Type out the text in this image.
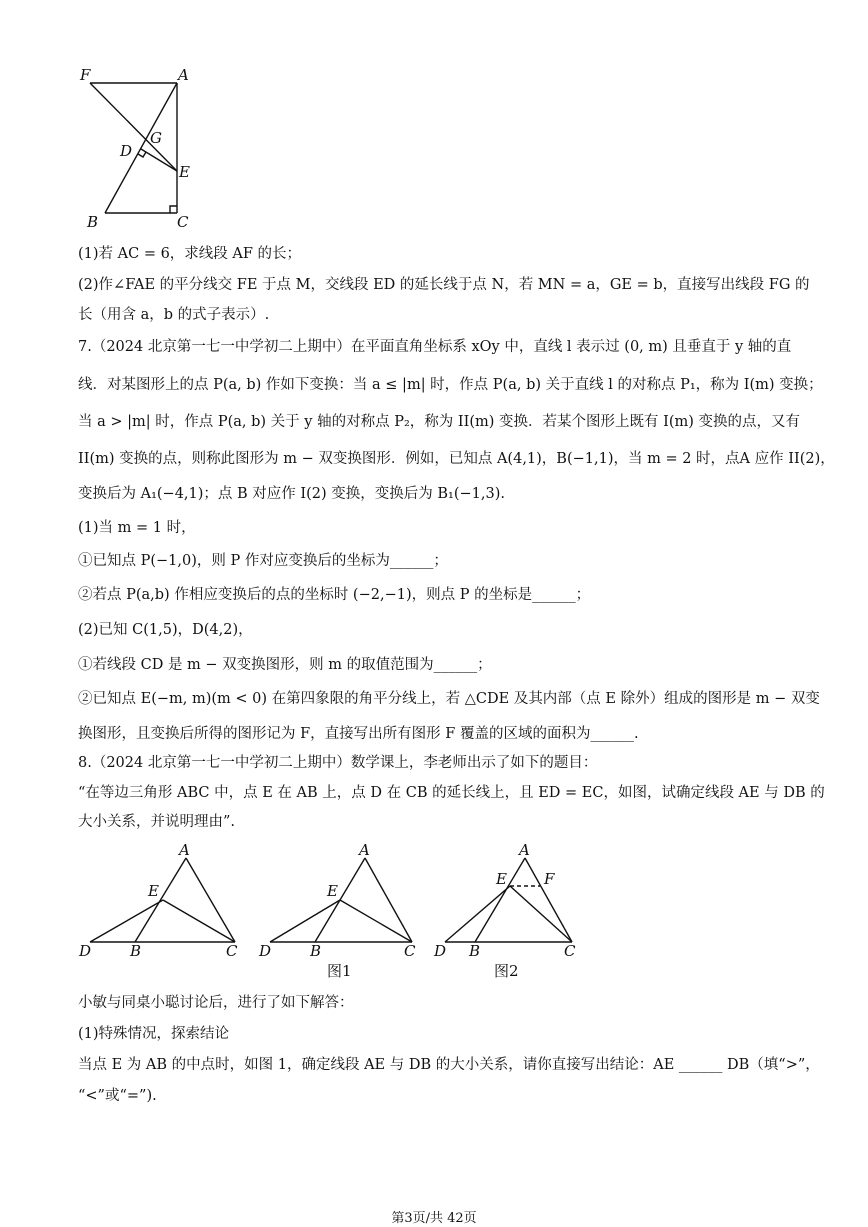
F	A
G
D
E
B	C
(1)若 AC = 6，求线段 AF 的长；
(2)作∠FAE 的平分线交 FE 于点 M，交线段 ED 的延长线于点 N，若 MN = a，GE = b，直接写出线段 FG 的
长（用含 a，b 的式子表示）.
7.（2024 北京第一七一中学初二上期中）在平面直角坐标系 xOy 中，直线 l 表示过 (0, m) 且垂直于 y 轴的直
线．对某图形上的点 P(a, b) 作如下变换：当 a ≤ |m| 时，作点 P(a, b) 关于直线 l 的对称点 P₁，称为 I(m) 变换；
当 a > |m| 时，作点 P(a, b) 关于 y 轴的对称点 P₂，称为 II(m) 变换．若某个图形上既有 I(m) 变换的点，又有
II(m) 变换的点，则称此图形为 m − 双变换图形．例如，已知点 A(4,1)，B(−1,1)，当 m = 2 时，点A 应作 II(2)，
变换后为 A₁(−4,1)；点 B 对应作 I(2) 变换，变换后为 B₁(−1,3).
(1)当 m = 1 时，
①已知点 P(−1,0)，则 P 作对应变换后的坐标为______；
②若点 P(a,b) 作相应变换后的点的坐标时 (−2,−1)，则点 P 的坐标是______；
(2)已知 C(1,5)，D(4,2)，
①若线段 CD 是 m − 双变换图形，则 m 的取值范围为______；
②已知点 E(−m, m)(m < 0) 在第四象限的角平分线上，若 △CDE 及其内部（点 E 除外）组成的图形是 m − 双变
换图形，且变换后所得的图形记为 F，直接写出所有图形 F 覆盖的区域的面积为______.
8.（2024 北京第一七一中学初二上期中）数学课上，李老师出示了如下的题目：
“在等边三角形 ABC 中，点 E 在 AB 上，点 D 在 CB 的延长线上，且 ED = EC，如图，试确定线段 AE 与 DB 的
大小关系，并说明理由”.
A
E
D	B	C
A
E
D	B	C
A
E F
D B	C
图1	图2
小敏与同桌小聪讨论后，进行了如下解答：
(1)特殊情况，探索结论
当点 E 为 AB 的中点时，如图 1，确定线段 AE 与 DB 的大小关系，请你直接写出结论：AE ______ DB（填“>”，
“<”或“=”).
第3页/共 42页
